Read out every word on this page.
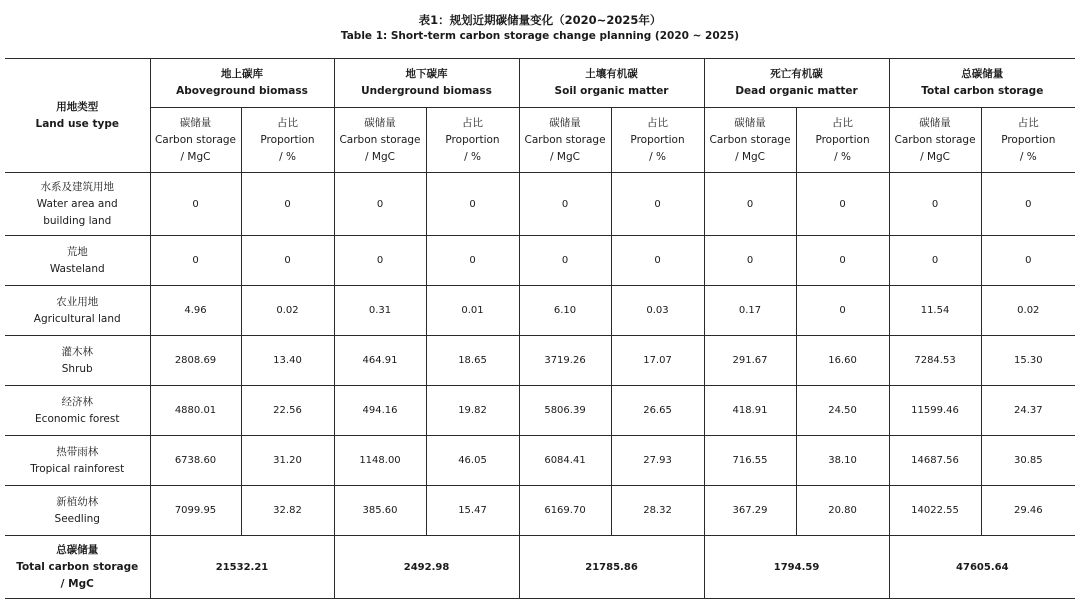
表1：规划近期碳储量变化（2020~2025年）
Table 1: Short-term carbon storage change planning (2020 ~ 2025)
用地类型
Land use type	地上碳库
Aboveground biomass		地下碳库
Underground biomass		土壤有机碳
Soil organic matter		死亡有机碳
Dead organic matter		总碳储量
Total carbon storage	

	碳储量
Carbon storage
/ MgC	占比
Proportion
/ %	碳储量
Carbon storage
/ MgC	占比
Proportion
/ %	碳储量
Carbon storage
/ MgC	占比
Proportion
/ %	碳储量
Carbon storage
/ MgC	占比
Proportion
/ %	碳储量
Carbon storage
/ MgC	占比
Proportion
/ %

水系及建筑用地
Water area and
building land	0	0	0	0	0	0	0	0	0	0

荒地
Wasteland	0	0	0	0	0	0	0	0	0	0

农业用地
Agricultural land	4.96	0.02	0.31	0.01	6.10	0.03	0.17	0	11.54	0.02

灌木林
Shrub	2808.69	13.40	464.91	18.65	3719.26	17.07	291.67	16.60	7284.53	15.30

经济林
Economic forest	4880.01	22.56	494.16	19.82	5806.39	26.65	418.91	24.50	11599.46	24.37

热带雨林
Tropical rainforest	6738.60	31.20	1148.00	46.05	6084.41	27.93	716.55	38.10	14687.56	30.85

新植幼林
Seedling	7099.95	32.82	385.60	15.47	6169.70	28.32	367.29	20.80	14022.55	29.46

总碳储量
Total carbon storage
/ MgC	21532.21		2492.98		21785.86		1794.59		47605.64	
